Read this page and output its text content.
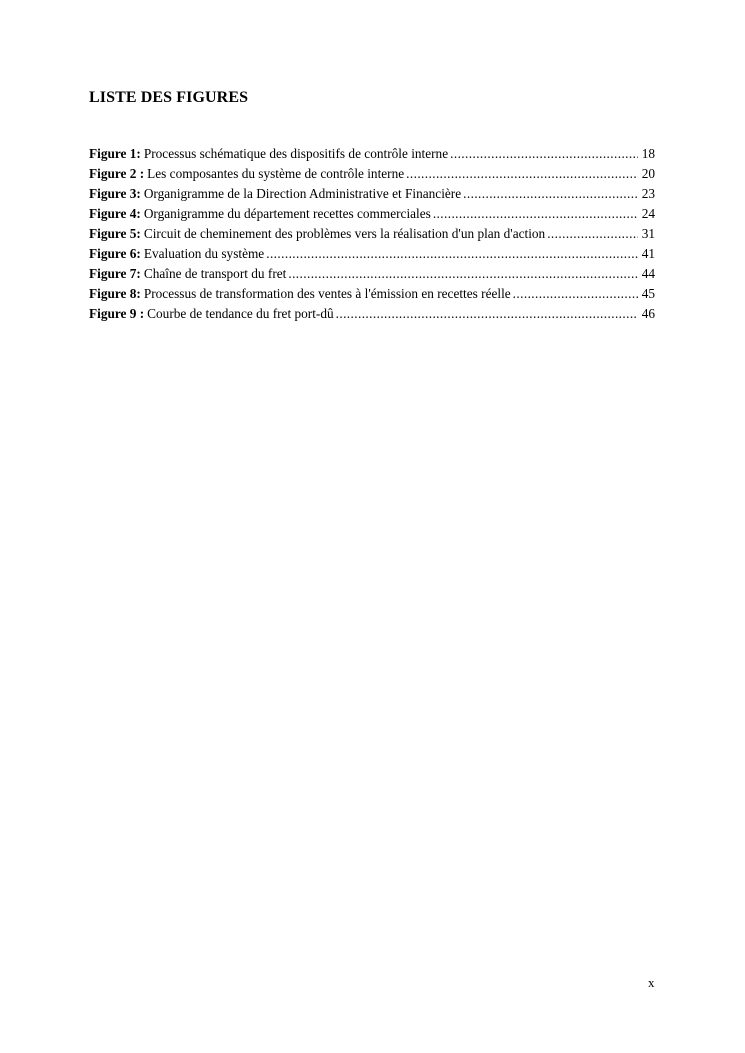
LISTE DES FIGURES
Figure 1: Processus schématique des dispositifs de contrôle interne .....	18
Figure 2 : Les composantes du système de contrôle interne .....	20
Figure 3: Organigramme de la Direction Administrative et Financière .....	23
Figure 4: Organigramme du département recettes commerciales .....	24
Figure 5: Circuit de cheminement des problèmes vers la réalisation d'un plan d'action .....	31
Figure 6: Evaluation du système .....	41
Figure 7: Chaîne de transport du fret .....	44
Figure 8: Processus de transformation des ventes à l'émission en recettes réelle .....	45
Figure 9 : Courbe de tendance du fret port-dû .....	46
x
